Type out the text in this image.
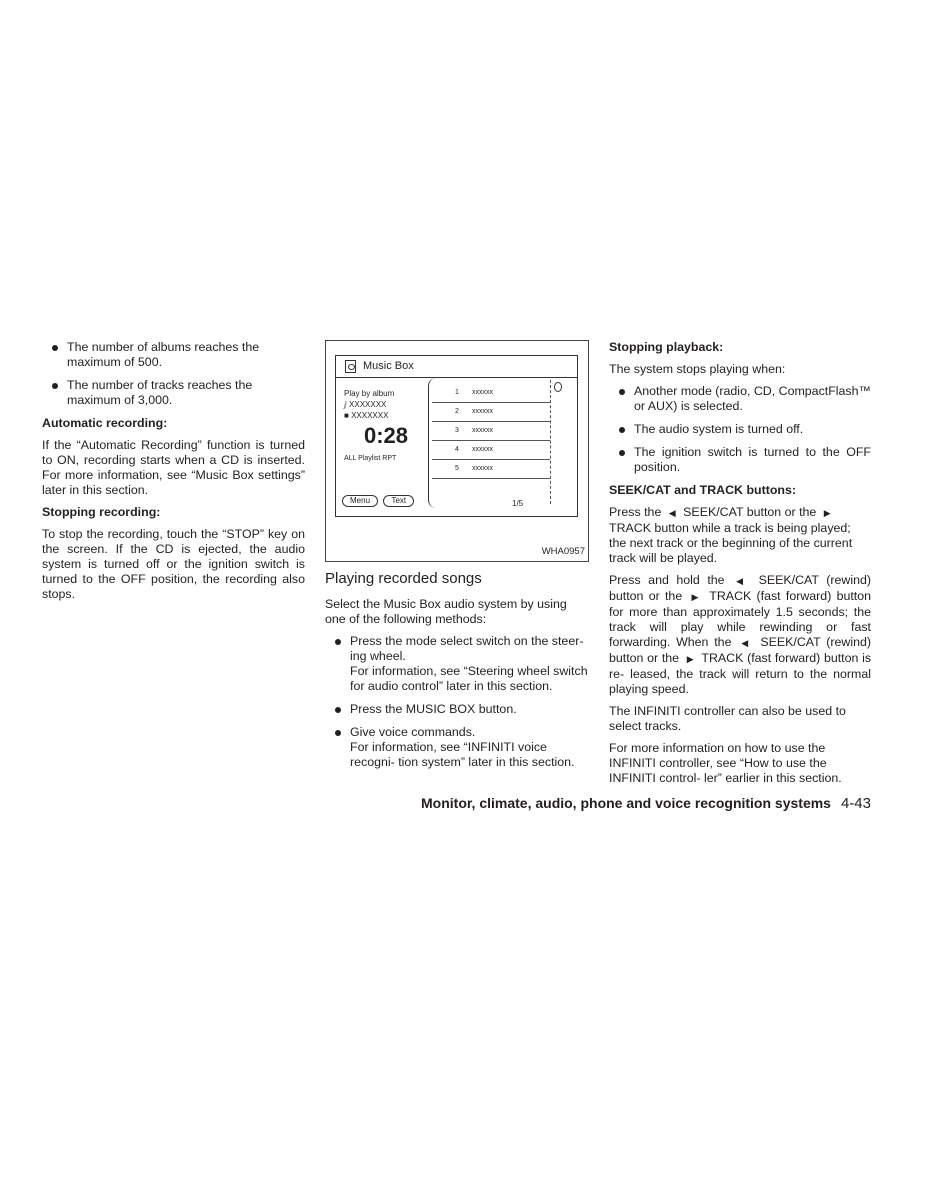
The number of albums reaches the maximum of 500.
The number of tracks reaches the maximum of 3,000.
Automatic recording:

If the “Automatic Recording” function is turned to ON, recording starts when a CD is inserted. For more information, see “Music Box settings” later in this section.

Stopping recording:

To stop the recording, touch the “STOP” key on the screen. If the CD is ejected, the audio system is turned off or the ignition switch is turned to the OFF position, the recording also stops.

Music Box
Play by album
ⅉ XXXXXXX
■ XXXXXXX
0:28
ALL Playlist RPT
Menu	Text
1 xxxxxx
2 xxxxxx
3 xxxxxx
4 xxxxxx
5 xxxxxx
1/5
WHA0957
Playing recorded songs

Select the Music Box audio system by using one of the following methods:

Press the mode select switch on the steer- ing wheel.
For information, see “Steering wheel switch for audio control” later in this section.
Press the MUSIC BOX button.
Give voice commands.
For information, see “INFINITI voice recogni- tion system” later in this section.
Stopping playback:

The system stops playing when:

Another mode (radio, CD, CompactFlash™ or AUX) is selected.
The audio system is turned off.
The ignition switch is turned to the OFF position.
SEEK/CAT and TRACK buttons:

Press the ◀ SEEK/CAT button or the ▶ TRACK button while a track is being played; the next track or the beginning of the current track will be played.

Press and hold the ◀ SEEK/CAT (rewind) button or the ▶ TRACK (fast forward) button for more than approximately 1.5 seconds; the track will play while rewinding or fast forwarding. When the ◀ SEEK/CAT (rewind) button or the ▶ TRACK (fast forward) button is re- leased, the track will return to the normal playing speed.

The INFINITI controller can also be used to select tracks.

For more information on how to use the INFINITI controller, see “How to use the INFINITI control- ler” earlier in this section.

Monitor, climate, audio, phone and voice recognition systems 4-43
